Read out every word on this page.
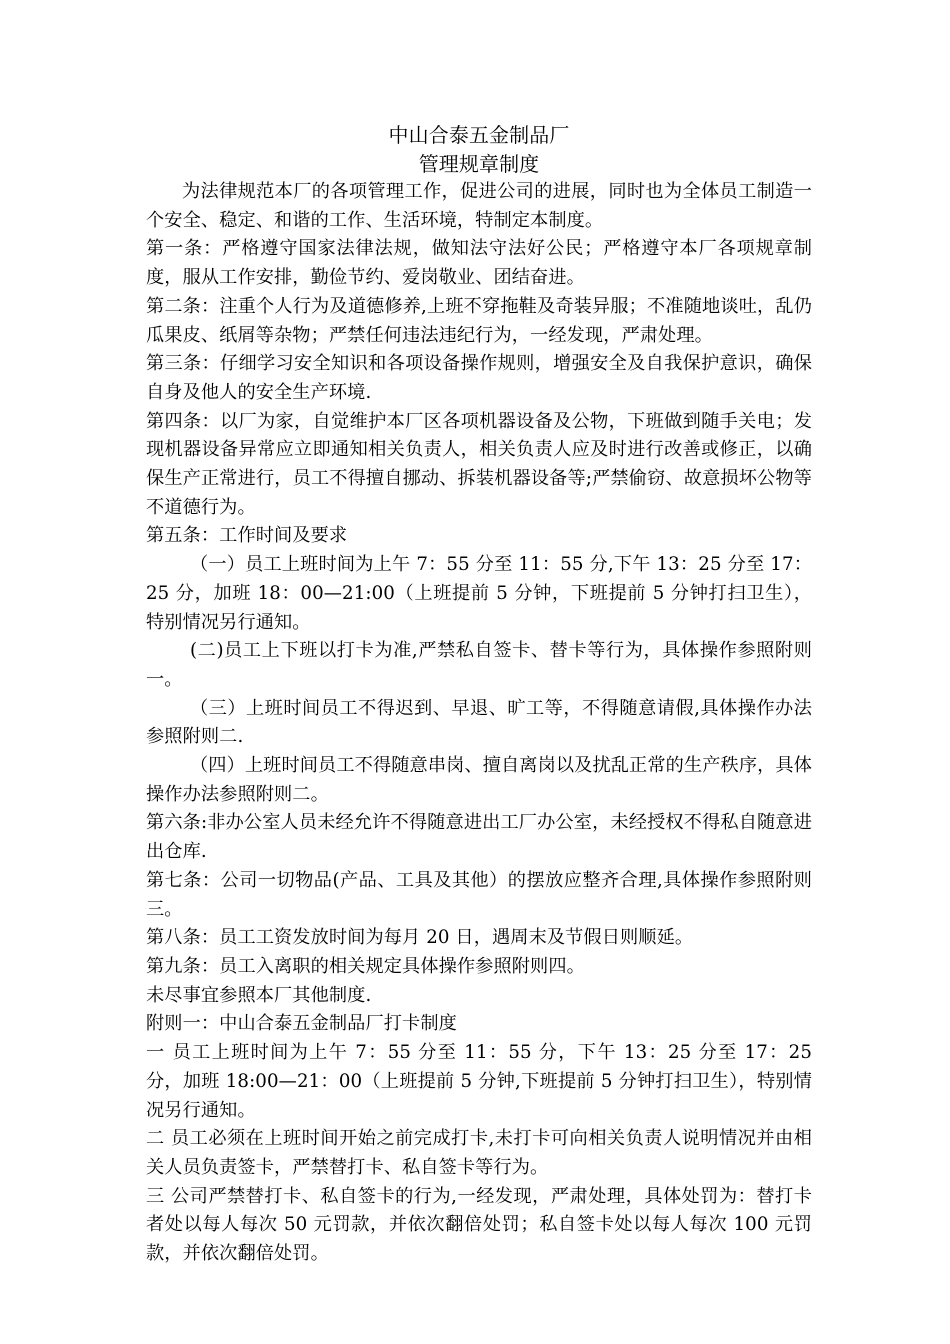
中山合泰五金制品厂

管理规章制度

为法律规范本厂的各项管理工作，促进公司的进展，同时也为全体员工制造一个安全、稳定、和谐的工作、生活环境，特制定本制度。

第一条：严格遵守国家法律法规，做知法守法好公民；严格遵守本厂各项规章制度，服从工作安排，勤俭节约、爱岗敬业、团结奋进。

第二条：注重个人行为及道德修养,上班不穿拖鞋及奇装异服；不准随地谈吐，乱仍瓜果皮、纸屑等杂物；严禁任何违法违纪行为，一经发现，严肃处理。

第三条：仔细学习安全知识和各项设备操作规则，增强安全及自我保护意识，确保自身及他人的安全生产环境.

第四条：以厂为家，自觉维护本厂区各项机器设备及公物，下班做到随手关电；发现机器设备异常应立即通知相关负责人，相关负责人应及时进行改善或修正，以确保生产正常进行，员工不得擅自挪动、拆装机器设备等;严禁偷窃、故意损坏公物等不道德行为。

第五条：工作时间及要求

（一）员工上班时间为上午 7：55 分至 11：55 分,下午 13：25 分至 17：25 分，加班 18：00—21:00（上班提前 5 分钟，下班提前 5 分钟打扫卫生），特别情况另行通知。

(二)员工上下班以打卡为准,严禁私自签卡、替卡等行为，具体操作参照附则一。

（三）上班时间员工不得迟到、早退、旷工等，不得随意请假,具体操作办法参照附则二.

（四）上班时间员工不得随意串岗、擅自离岗以及扰乱正常的生产秩序，具体操作办法参照附则二。

第六条:非办公室人员未经允许不得随意进出工厂办公室，未经授权不得私自随意进出仓库.

第七条：公司一切物品(产品、工具及其他）的摆放应整齐合理,具体操作参照附则三。

第八条：员工工资发放时间为每月 20 日，遇周末及节假日则顺延。

第九条：员工入离职的相关规定具体操作参照附则四。

未尽事宜参照本厂其他制度.

附则一：中山合泰五金制品厂打卡制度

一 员工上班时间为上午 7：55 分至 11：55 分，下午 13：25 分至 17：25 分，加班 18:00—21：00（上班提前 5 分钟,下班提前 5 分钟打扫卫生），特别情况另行通知。

二 员工必须在上班时间开始之前完成打卡,未打卡可向相关负责人说明情况并由相关人员负责签卡，严禁替打卡、私自签卡等行为。

三 公司严禁替打卡、私自签卡的行为,一经发现，严肃处理，具体处罚为：替打卡者处以每人每次 50 元罚款，并依次翻倍处罚；私自签卡处以每人每次 100 元罚款，并依次翻倍处罚。
